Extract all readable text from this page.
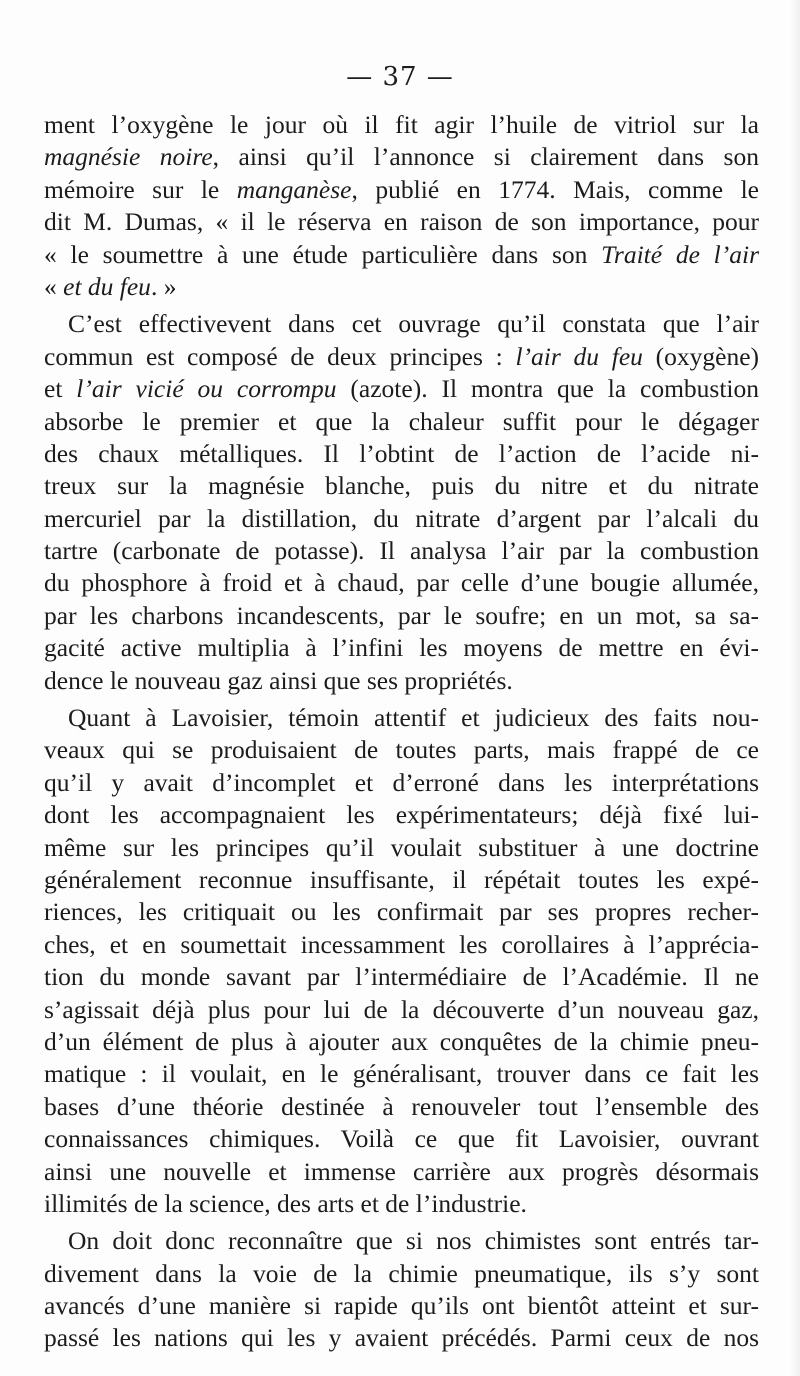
— 37 —
ment l’oxygène le jour où il fit agir l’huile de vitriol sur la
magnésie noire, ainsi qu’il l’annonce si clairement dans son
mémoire sur le manganèse, publié en 1774. Mais, comme le
dit M. Dumas, « il le réserva en raison de son importance, pour
« le soumettre à une étude particulière dans son Traité de l’air
« et du feu. »
C’est effectivevent dans cet ouvrage qu’il constata que l’air
commun est composé de deux principes : l’air du feu (oxygène)
et l’air vicié ou corrompu (azote). Il montra que la combustion
absorbe le premier et que la chaleur suffit pour le dégager
des chaux métalliques. Il l’obtint de l’action de l’acide ni-
treux sur la magnésie blanche, puis du nitre et du nitrate
mercuriel par la distillation, du nitrate d’argent par l’alcali du
tartre (carbonate de potasse). Il analysa l’air par la combustion
du phosphore à froid et à chaud, par celle d’une bougie allumée,
par les charbons incandescents, par le soufre; en un mot, sa sa-
gacité active multiplia à l’infini les moyens de mettre en évi-
dence le nouveau gaz ainsi que ses propriétés.
Quant à Lavoisier, témoin attentif et judicieux des faits nou-
veaux qui se produisaient de toutes parts, mais frappé de ce
qu’il y avait d’incomplet et d’erroné dans les interprétations
dont les accompagnaient les expérimentateurs; déjà fixé lui-
même sur les principes qu’il voulait substituer à une doctrine
généralement reconnue insuffisante, il répétait toutes les expé-
riences, les critiquait ou les confirmait par ses propres recher-
ches, et en soumettait incessamment les corollaires à l’apprécia-
tion du monde savant par l’intermédiaire de l’Académie. Il ne
s’agissait déjà plus pour lui de la découverte d’un nouveau gaz,
d’un élément de plus à ajouter aux conquêtes de la chimie pneu-
matique : il voulait, en le généralisant, trouver dans ce fait les
bases d’une théorie destinée à renouveler tout l’ensemble des
connaissances chimiques. Voilà ce que fit Lavoisier, ouvrant
ainsi une nouvelle et immense carrière aux progrès désormais
illimités de la science, des arts et de l’industrie.
On doit donc reconnaître que si nos chimistes sont entrés tar-
divement dans la voie de la chimie pneumatique, ils s’y sont
avancés d’une manière si rapide qu’ils ont bientôt atteint et sur-
passé les nations qui les y avaient précédés. Parmi ceux de nos
